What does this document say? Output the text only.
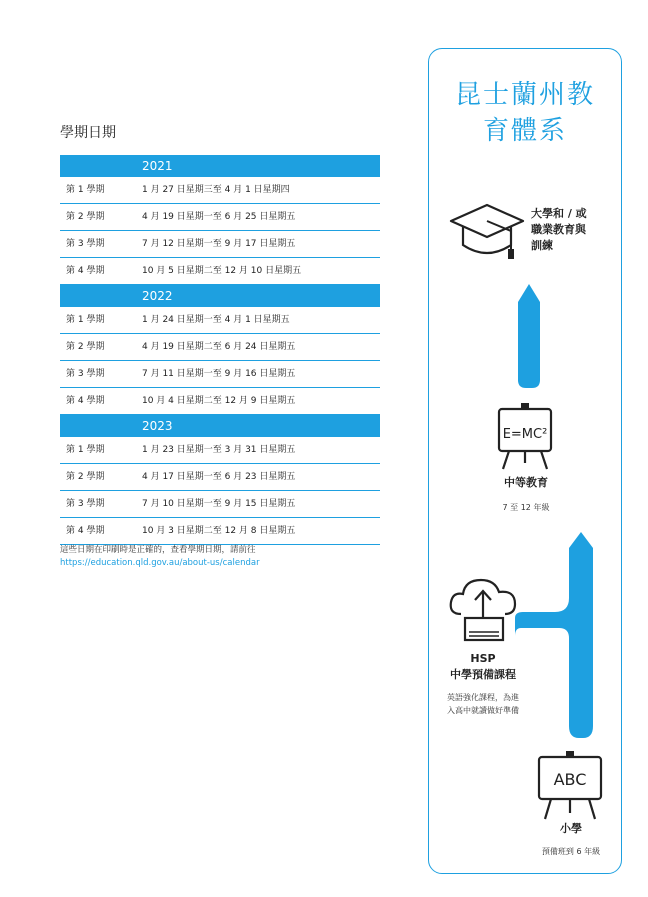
學期日期
2021
第 1 學期	1 月 27 日星期三至 4 月 1 日星期四
第 2 學期	4 月 19 日星期一至 6 月 25 日星期五
第 3 學期	7 月 12 日星期一至 9 月 17 日星期五
第 4 學期	10 月 5 日星期二至 12 月 10 日星期五
2022
第 1 學期	1 月 24 日星期一至 4 月 1 日星期五
第 2 學期	4 月 19 日星期二至 6 月 24 日星期五
第 3 學期	7 月 11 日星期一至 9 月 16 日星期五
第 4 學期	10 月 4 日星期二至 12 月 9 日星期五
2023
第 1 學期	1 月 23 日星期一至 3 月 31 日星期五
第 2 學期	4 月 17 日星期一至 6 月 23 日星期五
第 3 學期	7 月 10 日星期一至 9 月 15 日星期五
第 4 學期	10 月 3 日星期二至 12 月 8 日星期五
這些日期在印刷時是正確的，查看學期日期，請前往
https://education.qld.gov.au/about-us/calendar
昆士蘭州教
育體系
大學和 / 或
職業教育與
訓練
E=MC²
中等教育
7 至 12 年級
HSP
中學預備課程
英語強化課程，為進
入高中就讀做好準備
ABC
小學
預備班到 6 年級
